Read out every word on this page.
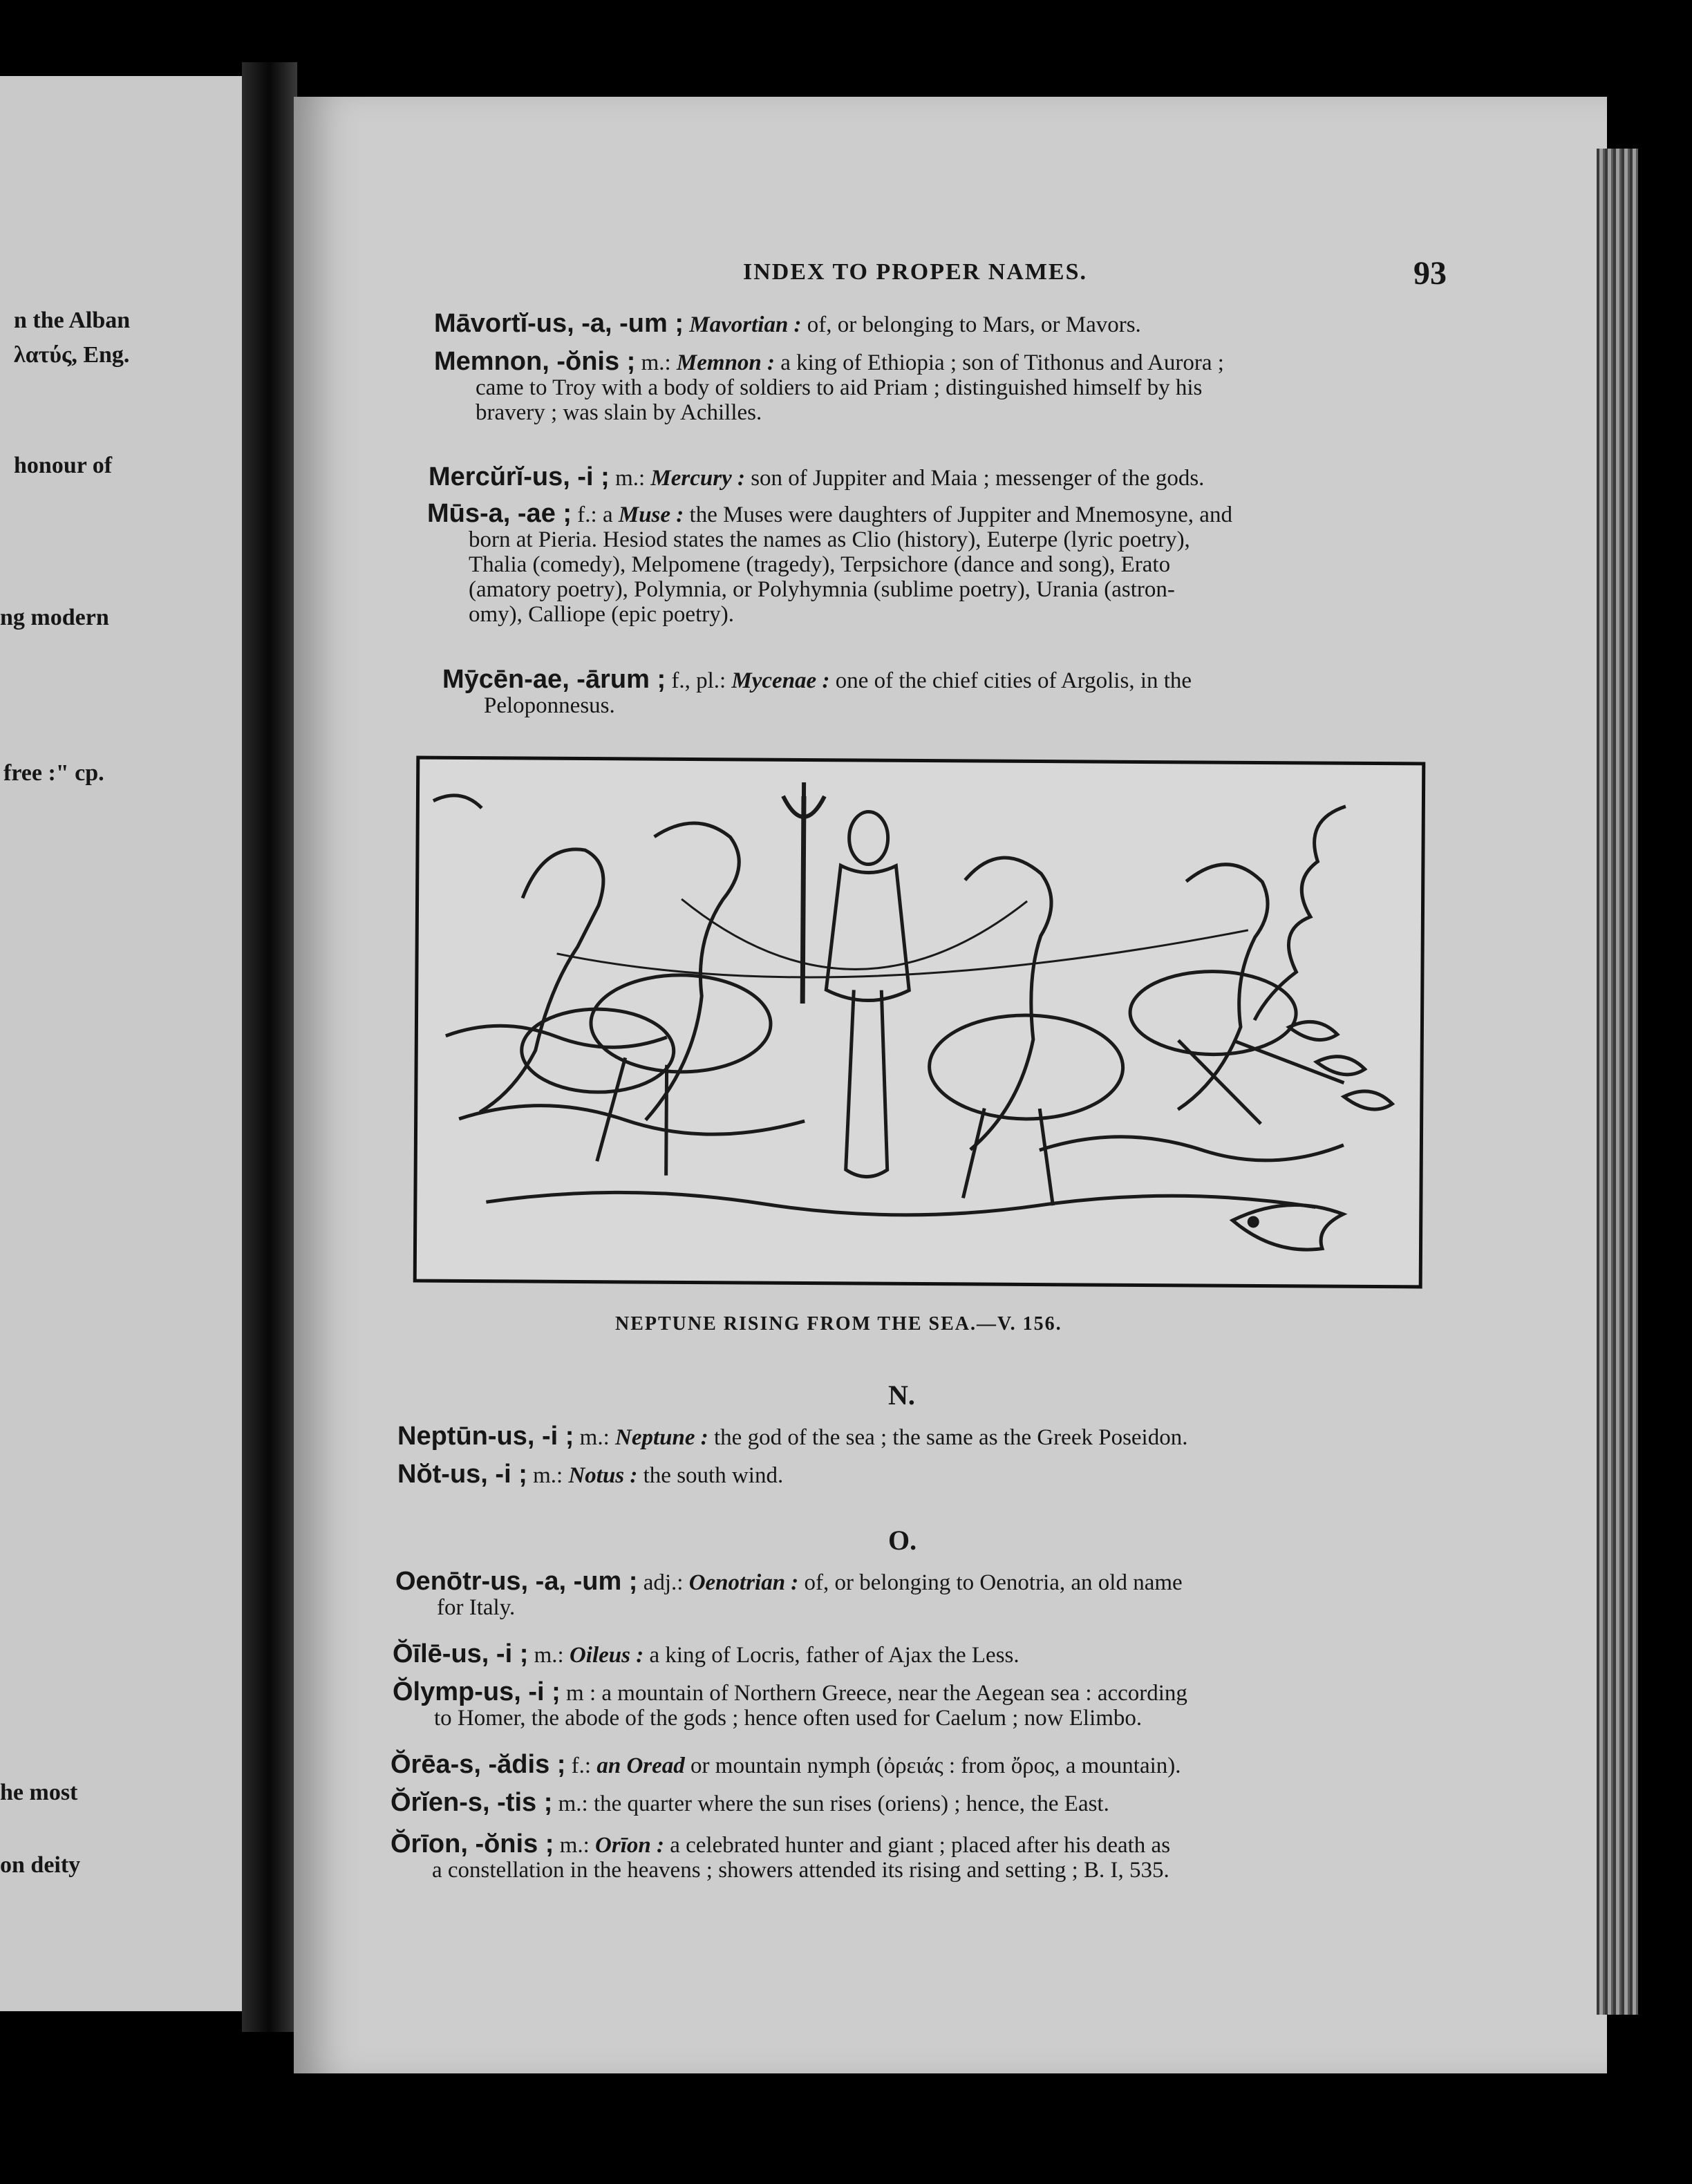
n the Alban
λατύς, Eng.
honour of
ng modern
free :" cp.
he most
on deity
INDEX TO PROPER NAMES.	93
Māvortĭ-us, -a, -um ; Mavortian : of, or belonging to Mars, or Mavors.
Memnon, -ŏnis ; m.: Memnon : a king of Ethiopia ; son of Tithonus and Aurora ;
came to Troy with a body of soldiers to aid Priam ; distinguished himself by his
bravery ; was slain by Achilles.
Mercŭrĭ-us, -i ; m.: Mercury : son of Juppiter and Maia ; messenger of the gods.
Mūs-a, -ae ; f.: a Muse : the Muses were daughters of Juppiter and Mnemosyne, and
born at Pieria. Hesiod states the names as Clio (history), Euterpe (lyric poetry),
Thalia (comedy), Melpomene (tragedy), Terpsichore (dance and song), Erato
(amatory poetry), Polymnia, or Polyhymnia (sublime poetry), Urania (astron-
omy), Calliope (epic poetry).
Mȳcēn-ae, -ārum ; f., pl.: Mycenae : one of the chief cities of Argolis, in the
Peloponnesus.
NEPTUNE RISING FROM THE SEA.—V. 156.
N.
Neptūn-us, -i ; m.: Neptune : the god of the sea ; the same as the Greek Poseidon.
Nŏt-us, -i ; m.: Notus : the south wind.
O.
Oenōtr-us, -a, -um ; adj.: Oenotrian : of, or belonging to Oenotria, an old name
for Italy.
Ŏīlē-us, -i ; m.: Oileus : a king of Locris, father of Ajax the Less.
Ŏlymp-us, -i ; m : a mountain of Northern Greece, near the Aegean sea : according
to Homer, the abode of the gods ; hence often used for Caelum ; now Elimbo.
Ŏrēa-s, -ădis ; f.: an Oread or mountain nymph (ὀρειάς : from ὄρος, a mountain).
Ŏrĭen-s, -tis ; m.: the quarter where the sun rises (oriens) ; hence, the East.
Ŏrīon, -ŏnis ; m.: Orīon : a celebrated hunter and giant ; placed after his death as
a constellation in the heavens ; showers attended its rising and setting ; B. I, 535.
